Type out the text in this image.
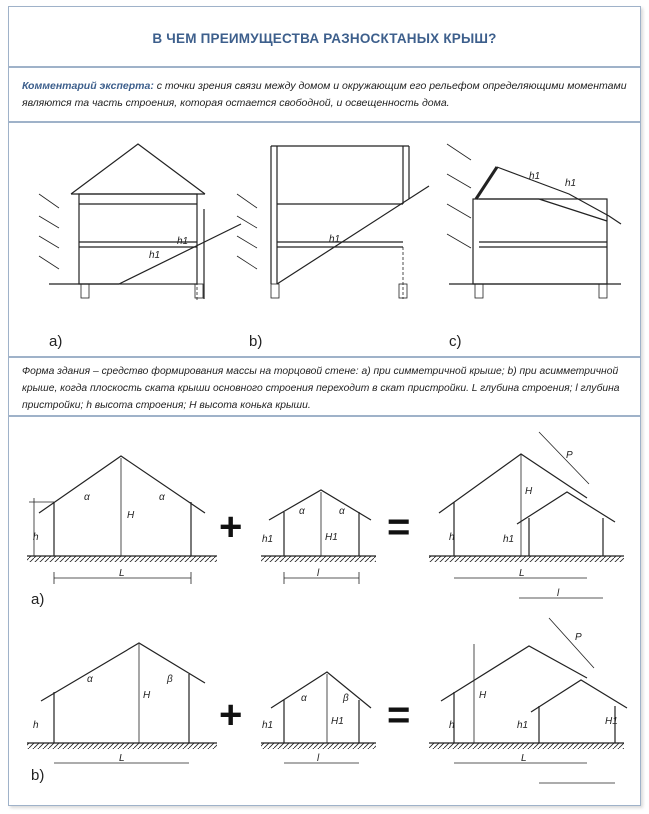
В ЧЕМ ПРЕИМУЩЕСТВА РАЗНОСКТАНЫХ КРЫШ?
Комментарий эксперта: с точки зрения связи между домом и окружающим его рельефом определяющими моментами являются та часть строения, которая остается свободной, и освещенность дома.
h1
h1
a)
h1
b)
h1
h1
c)
Форма здания – средство формирования массы на торцовой стене: а) при симметричной крыше; b) при асимметричной крыше, когда плоскость ската крыши основного строения переходит в скат пристройки. L глубина строения; l глубина пристройки; h высота строения; H высота конька крыши.
h
H
α	α
L
+ h1	H1
α	α
l
=	h
H
h1
P
L
l
a)
h
H
α	β
L
+ h1	H1
α	β
l
=	h
H
h1	H1
P
L
b)
